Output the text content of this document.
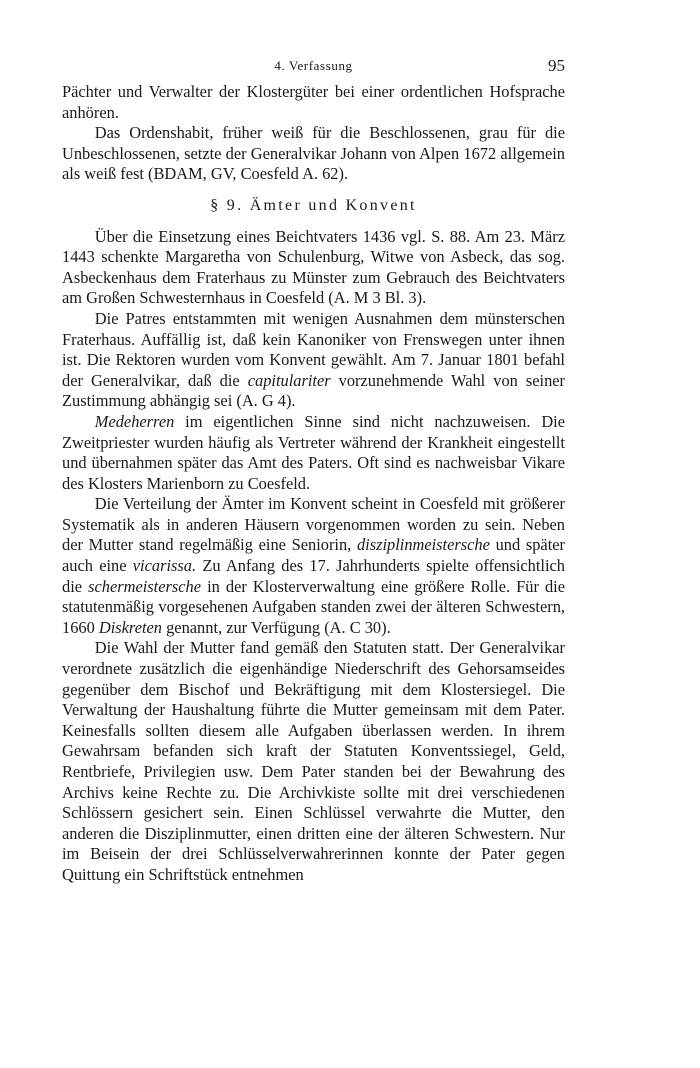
4. Verfassung	95

Pächter und Verwalter der Klostergüter bei einer ordentlichen Hofsprache anhören.

Das Ordenshabit, früher weiß für die Beschlossenen, grau für die Unbeschlossenen, setzte der Generalvikar Johann von Alpen 1672 allgemein als weiß fest (BDAM, GV, Coesfeld A. 62).

§ 9. Ämter und Konvent

Über die Einsetzung eines Beichtvaters 1436 vgl. S. 88. Am 23. März 1443 schenkte Margaretha von Schulenburg, Witwe von Asbeck, das sog. Asbeckenhaus dem Fraterhaus zu Münster zum Gebrauch des Beichtvaters am Großen Schwesternhaus in Coesfeld (A. M 3 Bl. 3).

Die Patres entstammten mit wenigen Ausnahmen dem münsterschen Fraterhaus. Auffällig ist, daß kein Kanoniker von Frenswegen unter ihnen ist. Die Rektoren wurden vom Konvent gewählt. Am 7. Januar 1801 befahl der Generalvikar, daß die capitulariter vorzunehmende Wahl von seiner Zustimmung abhängig sei (A. G 4).

Medeherren im eigentlichen Sinne sind nicht nachzuweisen. Die Zweitpriester wurden häufig als Vertreter während der Krankheit eingestellt und übernahmen später das Amt des Paters. Oft sind es nachweisbar Vikare des Klosters Marienborn zu Coesfeld.

Die Verteilung der Ämter im Konvent scheint in Coesfeld mit größerer Systematik als in anderen Häusern vorgenommen worden zu sein. Neben der Mutter stand regelmäßig eine Seniorin, disziplinmeistersche und später auch eine vicarissa. Zu Anfang des 17. Jahrhunderts spielte offensichtlich die schermeistersche in der Klosterverwaltung eine größere Rolle. Für die statutenmäßig vorgesehenen Aufgaben standen zwei der älteren Schwestern, 1660 Diskreten genannt, zur Verfügung (A. C 30).

Die Wahl der Mutter fand gemäß den Statuten statt. Der Generalvikar verordnete zusätzlich die eigenhändige Niederschrift des Gehorsamseides gegenüber dem Bischof und Bekräftigung mit dem Klostersiegel. Die Verwaltung der Haushaltung führte die Mutter gemeinsam mit dem Pater. Keinesfalls sollten diesem alle Aufgaben überlassen werden. In ihrem Gewahrsam befanden sich kraft der Statuten Konventssiegel, Geld, Rentbriefe, Privilegien usw. Dem Pater standen bei der Bewahrung des Archivs keine Rechte zu. Die Archivkiste sollte mit drei verschiedenen Schlössern gesichert sein. Einen Schlüssel verwahrte die Mutter, den anderen die Disziplinmutter, einen dritten eine der älteren Schwestern. Nur im Beisein der drei Schlüsselverwahrerinnen konnte der Pater gegen Quittung ein Schriftstück entnehmen
